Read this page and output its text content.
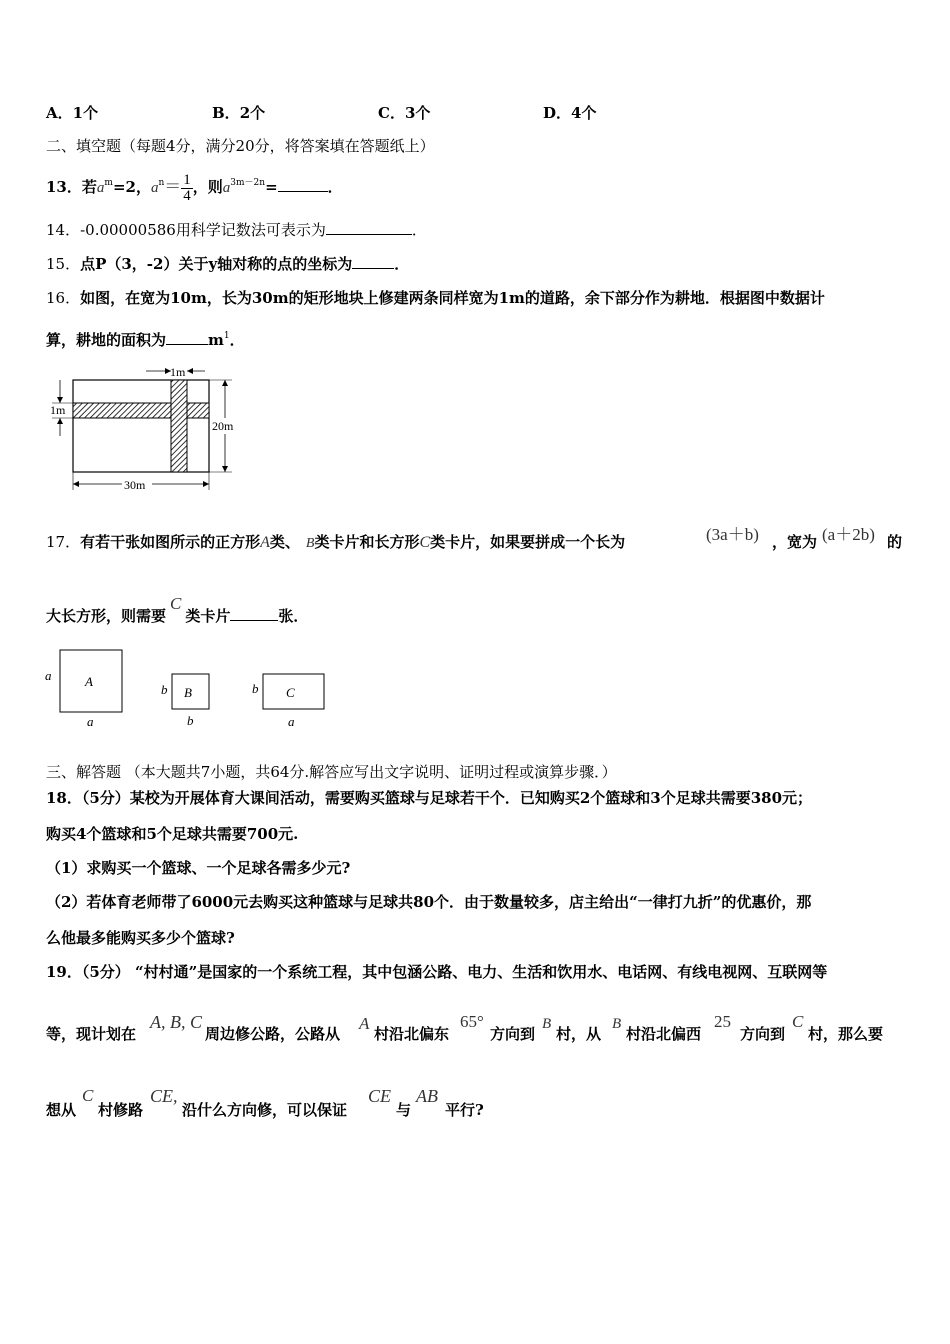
A．1个	B．2个	C．3个	D．4个
二、填空题（每题4分，满分20分，将答案填在答题纸上）
13．若$a^m=2$，$a^n= \frac{1}{4}$ ，则$a^{3m-2n}=$	．
14．-0.00000586用科学记数法可表示为	．
15．点P（3，-2）关于y轴对称的点的坐标为	．
16．如图，在宽为10m，长为30m的矩形地块上修建两条同样宽为1m的道路，余下部分作为耕地．根据图中数据计
算，耕地的面积为	$m^1$．
1m
1m
20m
30m
17．有若干张如图所示的正方形A类、 B类卡片和长方形C类卡片，如果要拼成一个长为	(3a＋b) ，宽为 (a＋2b) 的
大长方形，则需要C类卡片	张．
A
a
a
B
b
b
C
b
a
三、解答题 （本大题共7小题，共64分.解答应写出文字说明、证明过程或演算步骤．）
18．（5分）某校为开展体育大课间活动，需要购买篮球与足球若干个．已知购买2个篮球和3个足球共需要380元；
购买4个篮球和5个足球共需要700元.
（1）求购买一个篮球、一个足球各需多少元?
（2）若体育老师带了6000元去购买这种篮球与足球共80个．由于数量较多，店主给出“一律打九折”的优惠价，那
么他最多能购买多少个篮球?
19．（5分） “村村通”是国家的一个系统工程，其中包涵公路、电力、生活和饮用水、电话网、有线电视网、互联网等
等，现计划在
A, B, C
周边修公路，公路从
A
村沿北偏东
65°
方向到
B
村，从
B
村沿北偏西
25
方向到
C
村，那么要
想从
C
村修路
CE,
沿什么方向修，可以保证
CE
与
AB
平行?
